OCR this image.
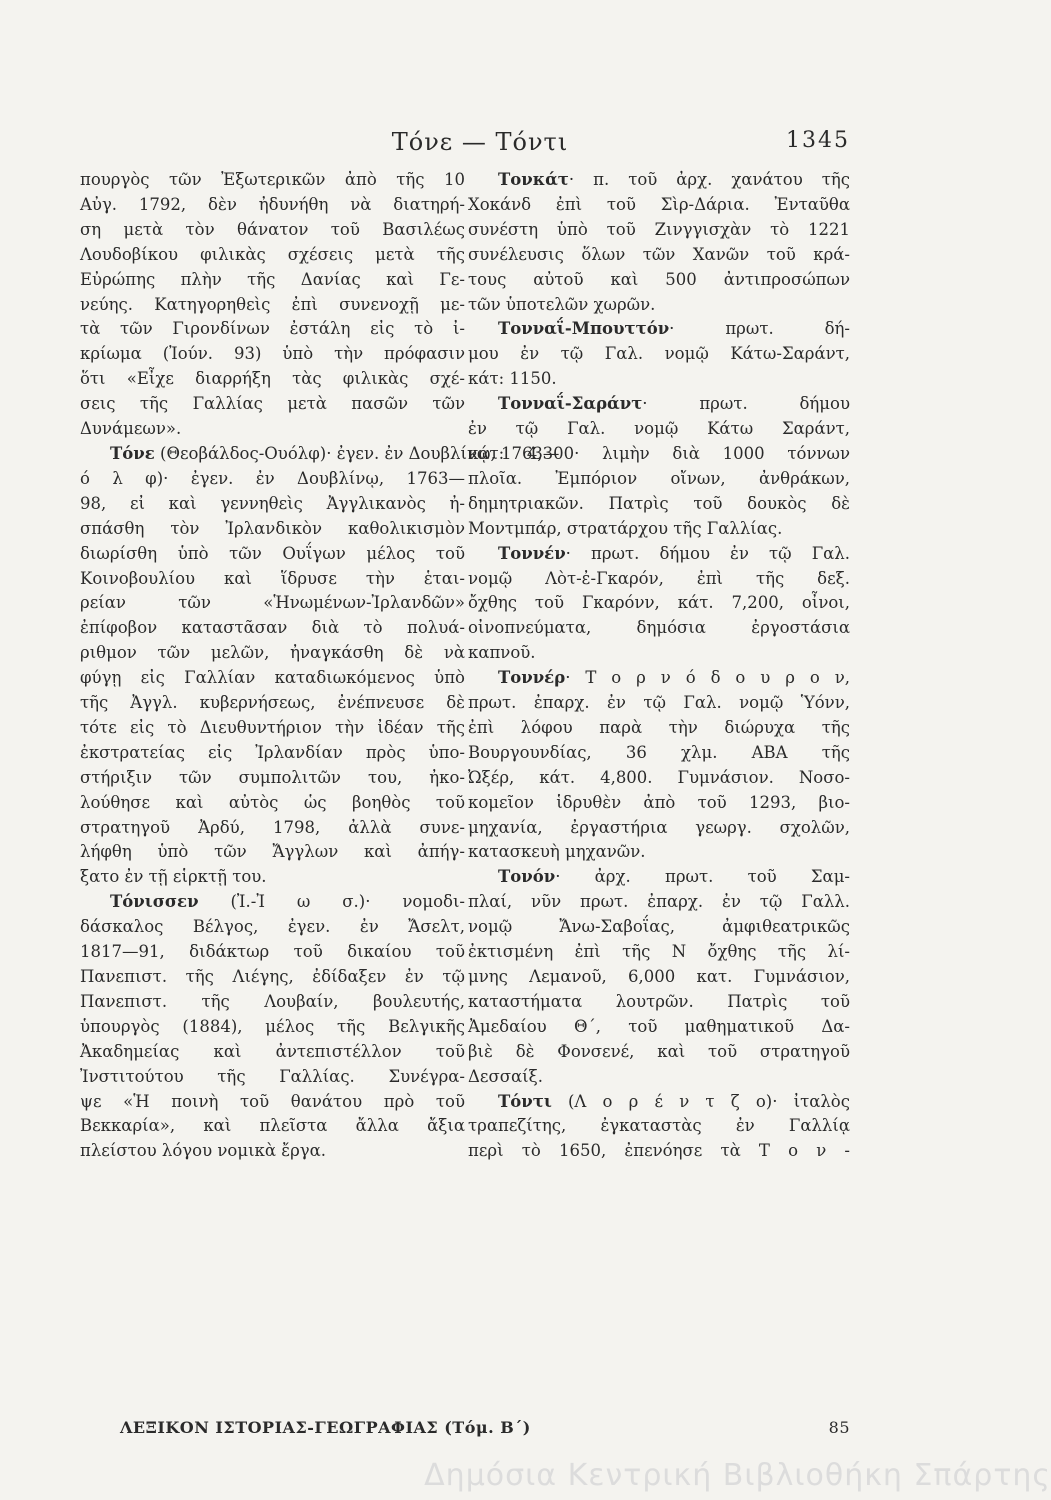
Τόνε — Τόντι	1345
πουργὸς τῶν Ἐξωτερικῶν ἀπὸ τῆς 10
Αὐγ. 1792, δὲν ἠδυνήθη νὰ διατηρή-
ση μετὰ τὸν θάνατον τοῦ Βασιλέως
Λουδοβίκου φιλικὰς σχέσεις μετὰ τῆς
Εὐρώπης πλὴν τῆς Δανίας καὶ Γε-
νεύης. Κατηγορηθεὶς ἐπὶ συνενοχῇ με-
τὰ τῶν Γιρονδίνων ἐστάλη εἰς τὸ ἰ-
κρίωμα (Ἰούν. 93) ὑπὸ τὴν πρόφασιν
ὅτι «Εἶχε διαρρήξη τὰς φιλικὰς σχέ-
σεις τῆς Γαλλίας μετὰ πασῶν τῶν
Δυνάμεων».
Τόνε (Θεοβάλδος-Ουόλφ)· ἐγεν. ἐν Δουβλίνῳ, 1763—
ό λ φ)· ἐγεν. ἐν Δουβλίνῳ, 1763—
98, εἰ καὶ γεννηθεὶς Ἀγγλικανὸς ἠ-
σπάσθη τὸν Ἰρλανδικὸν καθολικισμὸν
διωρίσθη ὑπὸ τῶν Ουΐγων μέλος τοῦ
Κοινοβουλίου καὶ ἵδρυσε τὴν ἑται-
ρείαν τῶν «Ἡνωμένων-Ἰρλανδῶν»
ἐπίφοβον καταστᾶσαν διὰ τὸ πολυά-
ριθμον τῶν μελῶν, ἠναγκάσθη δὲ νὰ
φύγῃ εἰς Γαλλίαν καταδιωκόμενος ὑπὸ
τῆς Ἀγγλ. κυβερνήσεως, ἐνέπνευσε δὲ
τότε εἰς τὸ Διευθυντήριον τὴν ἰδέαν τῆς
ἐκστρατείας εἰς Ἰρλανδίαν πρὸς ὑπο-
στήριξιν τῶν συμπολιτῶν του, ἠκο-
λούθησε καὶ αὐτὸς ὡς βοηθὸς τοῦ
στρατηγοῦ Ἀρδύ, 1798, ἀλλὰ συνε-
λήφθη ὑπὸ τῶν Ἄγγλων καὶ ἀπήγ-
ξατο ἐν τῇ εἱρκτῇ του.
Τόνισσεν (Ἰ.-Ἰ ω σ.)· νομοδι-
δάσκαλος Βέλγος, ἐγεν. ἐν Ἄσελτ,
1817—91, διδάκτωρ τοῦ δικαίου τοῦ
Πανεπιστ. τῆς Λιέγης, ἐδίδαξεν ἐν τῷ
Πανεπιστ. τῆς Λουβαίν, βουλευτής,
ὑπουργὸς (1884), μέλος τῆς Βελγικῆς
Ἀκαδημείας καὶ ἀντεπιστέλλον τοῦ
Ἰνστιτούτου τῆς Γαλλίας. Συνέγρα-
ψε «Ἡ ποινὴ τοῦ θανάτου πρὸ τοῦ
Βεκκαρία», καὶ πλεῖστα ἄλλα ἄξια
πλείστου λόγου νομικὰ ἔργα.
Τονκάτ· π. τοῦ ἀρχ. χανάτου τῆς
Χοκάνδ ἐπὶ τοῦ Σὶρ-Δάρια. Ἐνταῦθα
συνέστη ὑπὸ τοῦ Ζινγγισχὰν τὸ 1221
συνέλευσις ὅλων τῶν Χανῶν τοῦ κρά-
τους αὐτοῦ καὶ 500 ἀντιπροσώπων
τῶν ὑποτελῶν χωρῶν.
Τονναΐ-Μπουττόν· πρωτ. δή-
μου ἐν τῷ Γαλ. νομῷ Κάτω-Σαράντ,
κάτ: 1150.
Τονναΐ-Σαράντ· πρωτ. δήμου
ἐν τῷ Γαλ. νομῷ Κάτω Σαράντ,
κάτ: 4,300· λιμὴν διὰ 1000 τόννων
πλοῖα. Ἐμπόριον οἴνων, ἀνθράκων,
δημητριακῶν. Πατρὶς τοῦ δουκὸς δὲ
Μοντμπάρ, στρατάρχου τῆς Γαλλίας.
Τοννέν· πρωτ. δήμου ἐν τῷ Γαλ.
νομῷ Λὸτ-ἐ-Γκαρόν, ἐπὶ τῆς δεξ.
ὄχθης τοῦ Γκαρόνν, κάτ. 7,200, οἶνοι,
οἰνοπνεύματα, δημόσια ἐργοστάσια
καπνοῦ.
Τοννέρ· Τ ο ρ ν ό δ ο υ ρ ο ν,
πρωτ. ἐπαρχ. ἐν τῷ Γαλ. νομῷ Ὑόνν,
ἐπὶ λόφου παρὰ τὴν διώρυχα τῆς
Βουργουνδίας, 36 χλμ. ΑΒΑ τῆς
Ὠξέρ, κάτ. 4,800. Γυμνάσιον. Νοσο-
κομεῖον ἱδρυθὲν ἀπὸ τοῦ 1293, βιο-
μηχανία, ἐργαστήρια γεωργ. σχολῶν,
κατασκευὴ μηχανῶν.
Τονόν· ἀρχ. πρωτ. τοῦ Σαμ-
πλαί, νῦν πρωτ. ἐπαρχ. ἐν τῷ Γαλλ.
νομῷ Ἄνω-Σαβοΐας, ἀμφιθεατρικῶς
ἐκτισμένη ἐπὶ τῆς Ν ὄχθης τῆς λί-
μνης Λεμανοῦ, 6,000 κατ. Γυμνάσιον,
καταστήματα λουτρῶν. Πατρὶς τοῦ
Ἀμεδαίου Θ΄, τοῦ μαθηματικοῦ Δα-
βιὲ δὲ Φονσενέ, καὶ τοῦ στρατηγοῦ
Δεσσαίξ.
Τόντι (Λ ο ρ έ ν τ ζ ο)· ἰταλὸς
τραπεζίτης, ἐγκαταστὰς ἐν Γαλλίᾳ
περὶ τὸ 1650, ἐπενόησε τὰ Τ ο ν -
ΛΕΞΙΚΟΝ ΙΣΤΟΡΙΑΣ-ΓΕΩΓΡΑΦΙΑΣ (Τόμ. Β΄)	85
Δημόσια Κεντρική Βιβλιοθήκη Σπάρτης
